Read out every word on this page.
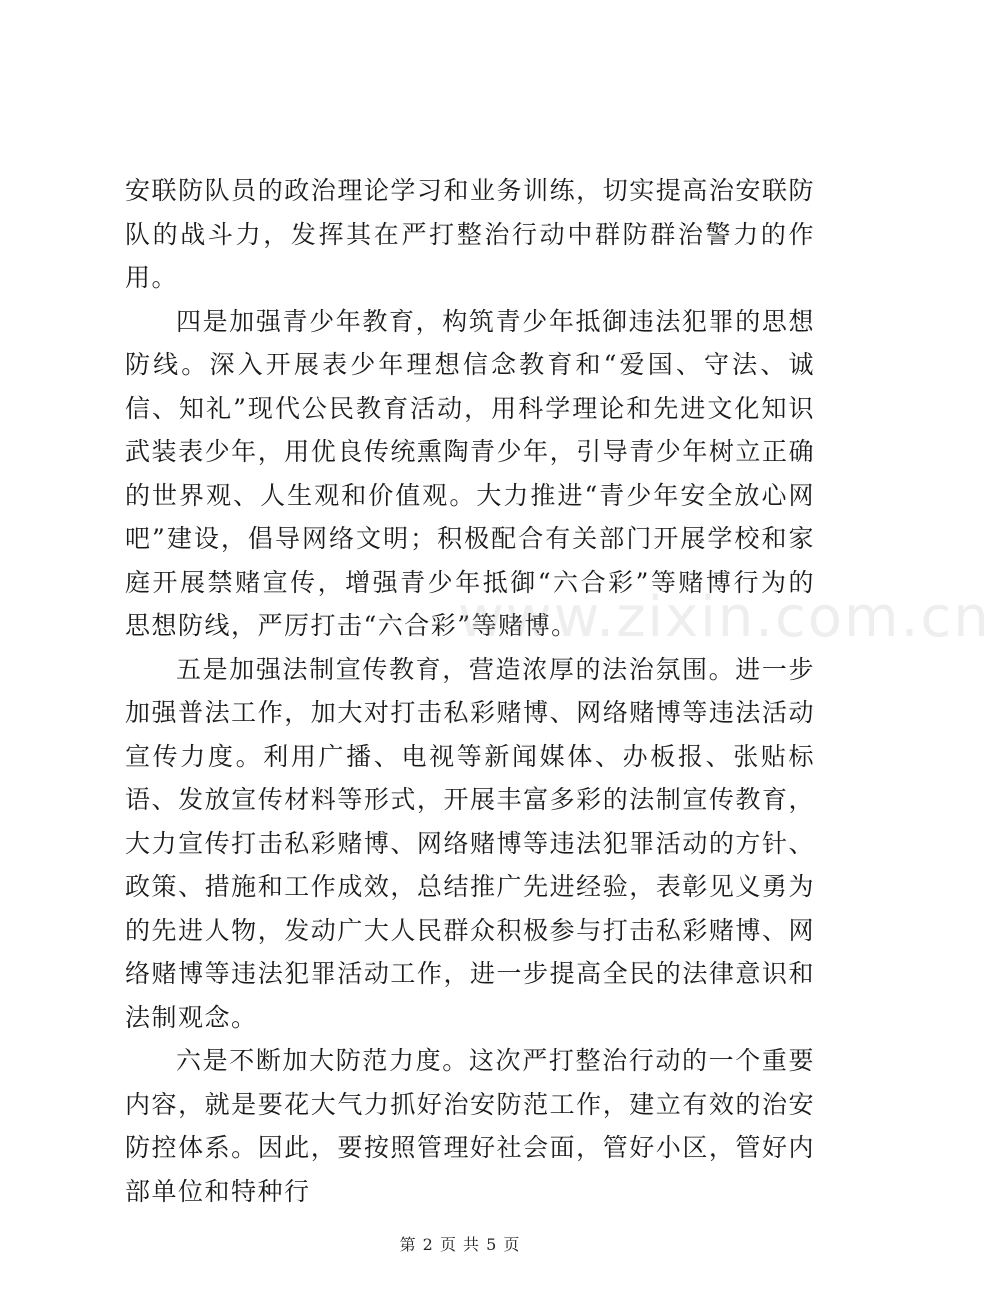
安联防队员的政治理论学习和业务训练，切实提高治安联防队的战斗力，发挥其在严打整治行动中群防群治警力的作用。

四是加强青少年教育，构筑青少年抵御违法犯罪的思想防线。深入开展表少年理想信念教育和“爱国、守法、诚信、知礼”现代公民教育活动，用科学理论和先进文化知识武装表少年，用优良传统熏陶青少年，引导青少年树立正确的世界观、人生观和价值观。大力推进“青少年安全放心网吧”建设，倡导网络文明；积极配合有关部门开展学校和家庭开展禁赌宣传，增强青少年抵御“六合彩”等赌博行为的思想防线，严厉打击“六合彩”等赌博。

五是加强法制宣传教育，营造浓厚的法治氛围。进一步加强普法工作，加大对打击私彩赌博、网络赌博等违法活动宣传力度。利用广播、电视等新闻媒体、办板报、张贴标语、发放宣传材料等形式，开展丰富多彩的法制宣传教育，大力宣传打击私彩赌博、网络赌博等违法犯罪活动的方针、政策、措施和工作成效，总结推广先进经验，表彰见义勇为的先进人物，发动广大人民群众积极参与打击私彩赌博、网络赌博等违法犯罪活动工作，进一步提高全民的法律意识和法制观念。

六是不断加大防范力度。这次严打整治行动的一个重要内容，就是要花大气力抓好治安防范工作，建立有效的治安防控体系。因此，要按照管理好社会面，管好小区，管好内部单位和特种行

www.zixin.com.cn
第 2 页 共 5 页
